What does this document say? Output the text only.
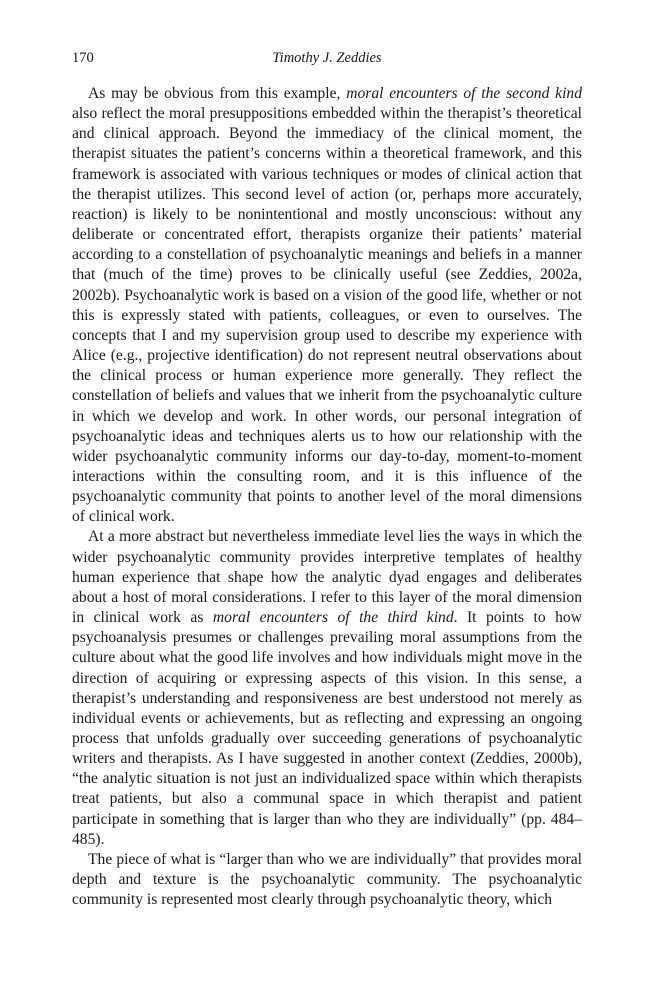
170	Timothy J. Zeddies

As may be obvious from this example, moral encounters of the second kind also reflect the moral presuppositions embedded within the therapist’s theoretical and clinical approach. Beyond the immediacy of the clinical moment, the therapist situates the patient’s concerns within a theoretical framework, and this framework is associated with various techniques or modes of clinical action that the therapist utilizes. This second level of action (or, perhaps more accurately, reaction) is likely to be nonintentional and mostly unconscious: without any deliberate or concentrated effort, therapists organize their patients’ material according to a constellation of psychoanalytic meanings and beliefs in a manner that (much of the time) proves to be clinically useful (see Zeddies, 2002a, 2002b). Psychoanalytic work is based on a vision of the good life, whether or not this is expressly stated with patients, colleagues, or even to ourselves. The concepts that I and my supervision group used to describe my experience with Alice (e.g., projective identification) do not represent neutral observations about the clinical process or human experience more generally. They reflect the constellation of beliefs and values that we inherit from the psychoanalytic culture in which we develop and work. In other words, our personal integration of psychoanalytic ideas and techniques alerts us to how our relationship with the wider psychoanalytic community informs our day-to-day, moment-to-moment interactions within the consulting room, and it is this influence of the psychoanalytic community that points to another level of the moral dimensions of clinical work.

At a more abstract but nevertheless immediate level lies the ways in which the wider psychoanalytic community provides interpretive templates of healthy human experience that shape how the analytic dyad engages and deliberates about a host of moral considerations. I refer to this layer of the moral dimension in clinical work as moral encounters of the third kind. It points to how psychoanalysis presumes or challenges prevailing moral assumptions from the culture about what the good life involves and how individuals might move in the direction of acquiring or expressing aspects of this vision. In this sense, a therapist’s understanding and responsiveness are best understood not merely as individual events or achievements, but as reflecting and expressing an ongoing process that unfolds gradually over succeeding generations of psychoanalytic writers and therapists. As I have suggested in another context (Zeddies, 2000b), “the analytic situation is not just an individualized space within which therapists treat patients, but also a communal space in which therapist and patient participate in something that is larger than who they are individually” (pp. 484–485).

The piece of what is “larger than who we are individually” that provides moral depth and texture is the psychoanalytic community. The psychoanalytic community is represented most clearly through psychoanalytic theory, which
